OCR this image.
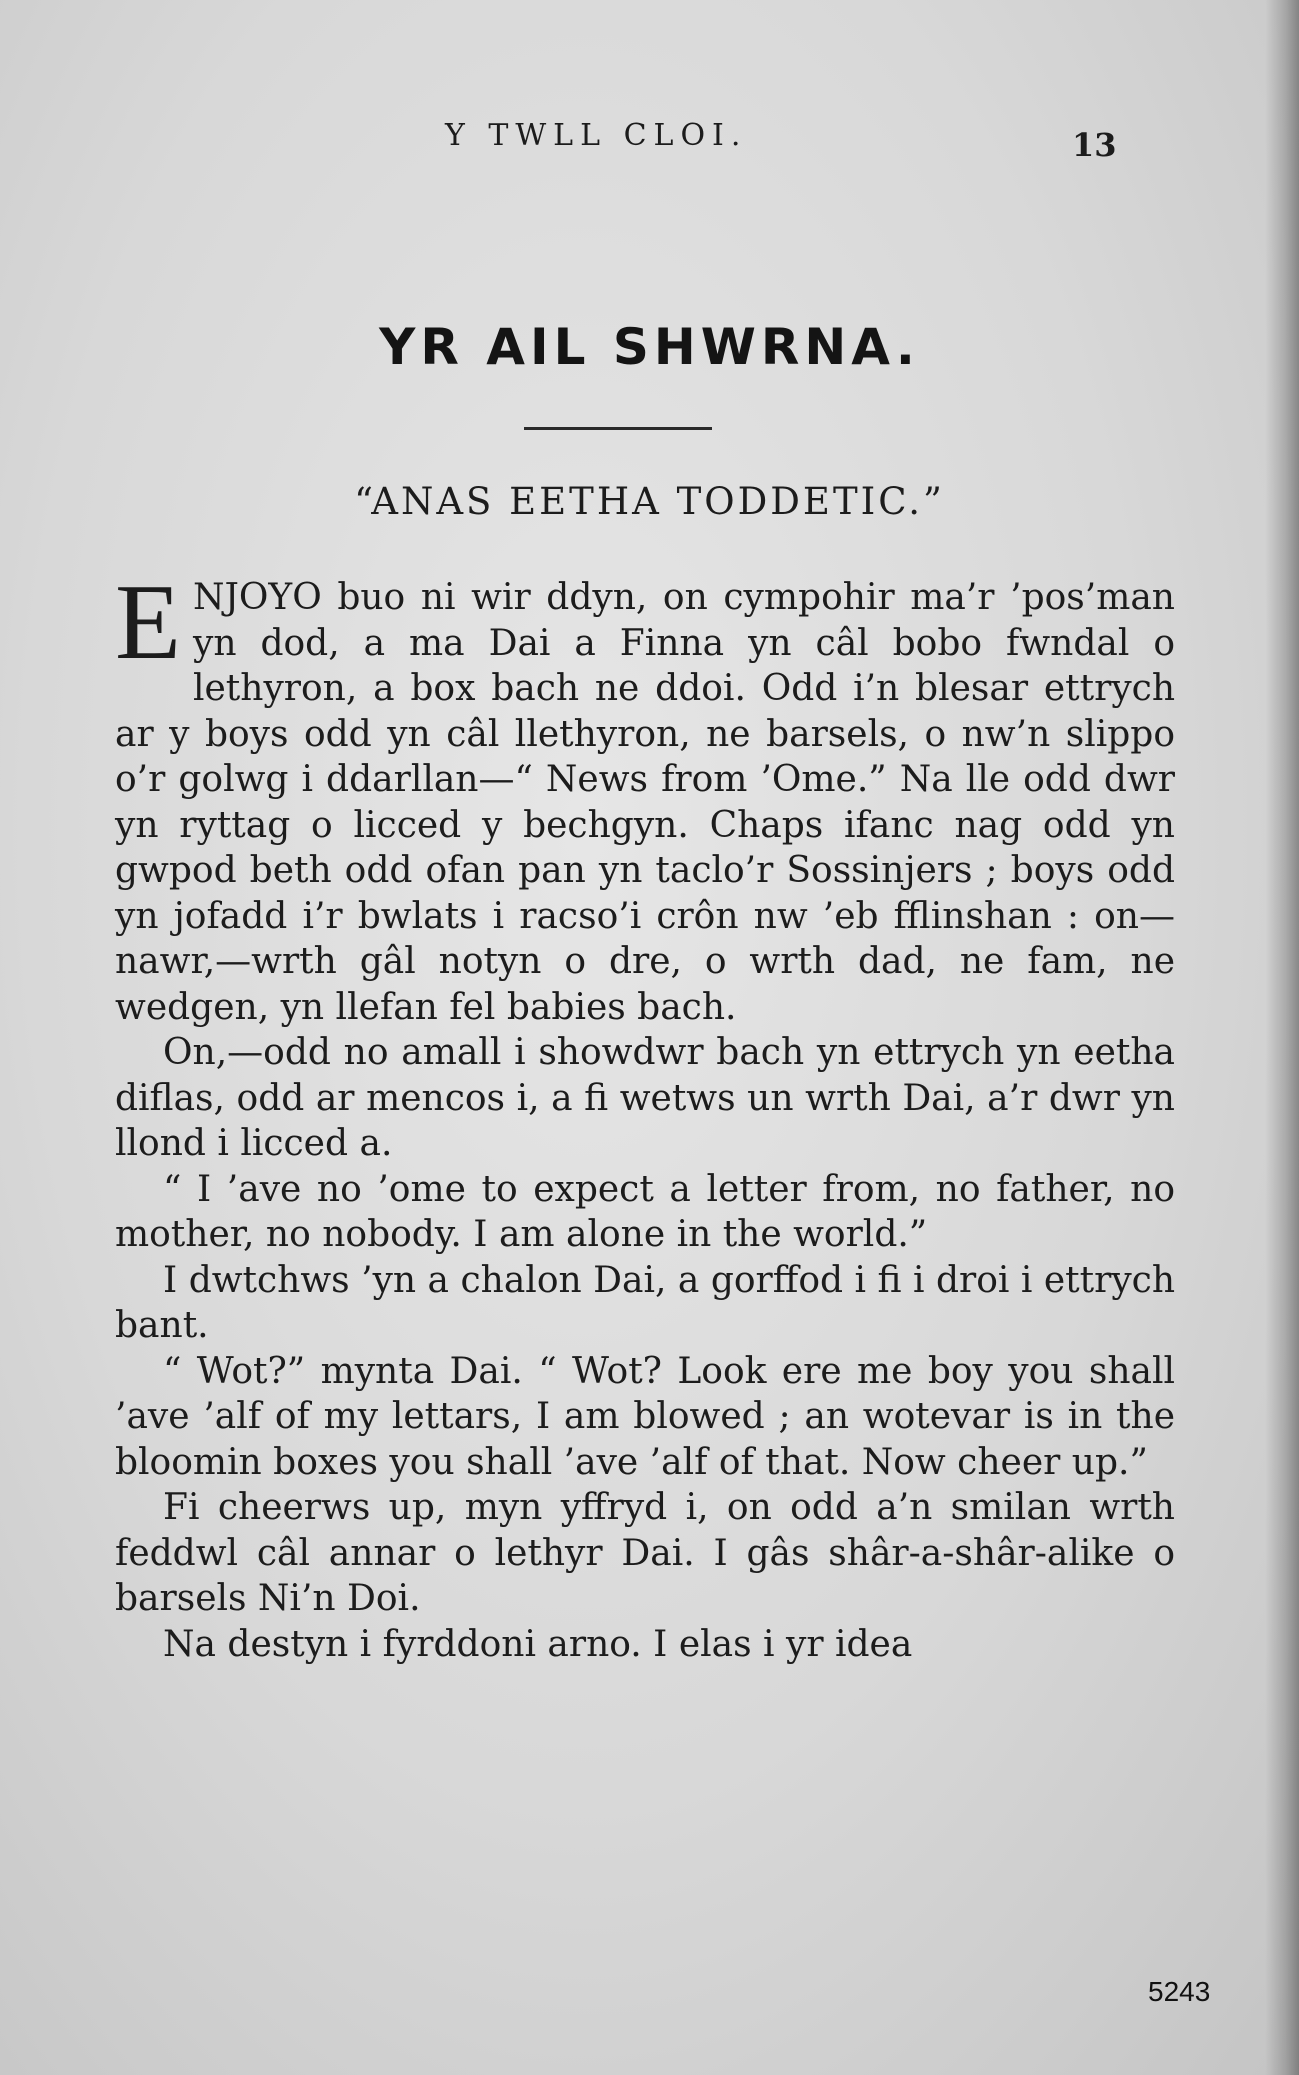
Y TWLL CLOI.	13
YR AIL SHWRNA.
“ANAS EETHA TODDETIC.”

ENJOYO buo ni wir ddyn, on cympohir ma’r ’pos’man yn dod, a ma Dai a Finna yn câl bobo fwndal o lethyron, a box bach ne ddoi. Odd i’n blesar ettrych ar y boys odd yn câl llethyron, ne barsels, o nw’n slippo o’r golwg i ddarllan—“ News from ’Ome.” Na lle odd dwr yn ryttag o licced y bechgyn. Chaps ifanc nag odd yn gwpod beth odd ofan pan yn taclo’r Sossinjers ; boys odd yn jofadd i’r bwlats i racso’i crôn nw ’eb fflinshan : on—nawr,—wrth gâl notyn o dre, o wrth dad, ne fam, ne wedgen, yn llefan fel babies bach.

On,—odd no amall i showdwr bach yn ettrych yn eetha diflas, odd ar mencos i, a fi wetws un wrth Dai, a’r dwr yn llond i licced a.

“ I ’ave no ’ome to expect a letter from, no father, no mother, no nobody. I am alone in the world.”

I dwtchws ’yn a chalon Dai, a gorffod i fi i droi i ettrych bant.

“ Wot?” mynta Dai. “ Wot? Look ere me boy you shall ’ave ’alf of my lettars, I am blowed ; an wotevar is in the bloomin boxes you shall ’ave ’alf of that. Now cheer up.”

Fi cheerws up, myn yffryd i, on odd a’n smilan wrth feddwl câl annar o lethyr Dai. I gâs shâr-a-shâr-alike o barsels Ni’n Doi.

Na destyn i fyrddoni arno. I elas i yr idea

5243
